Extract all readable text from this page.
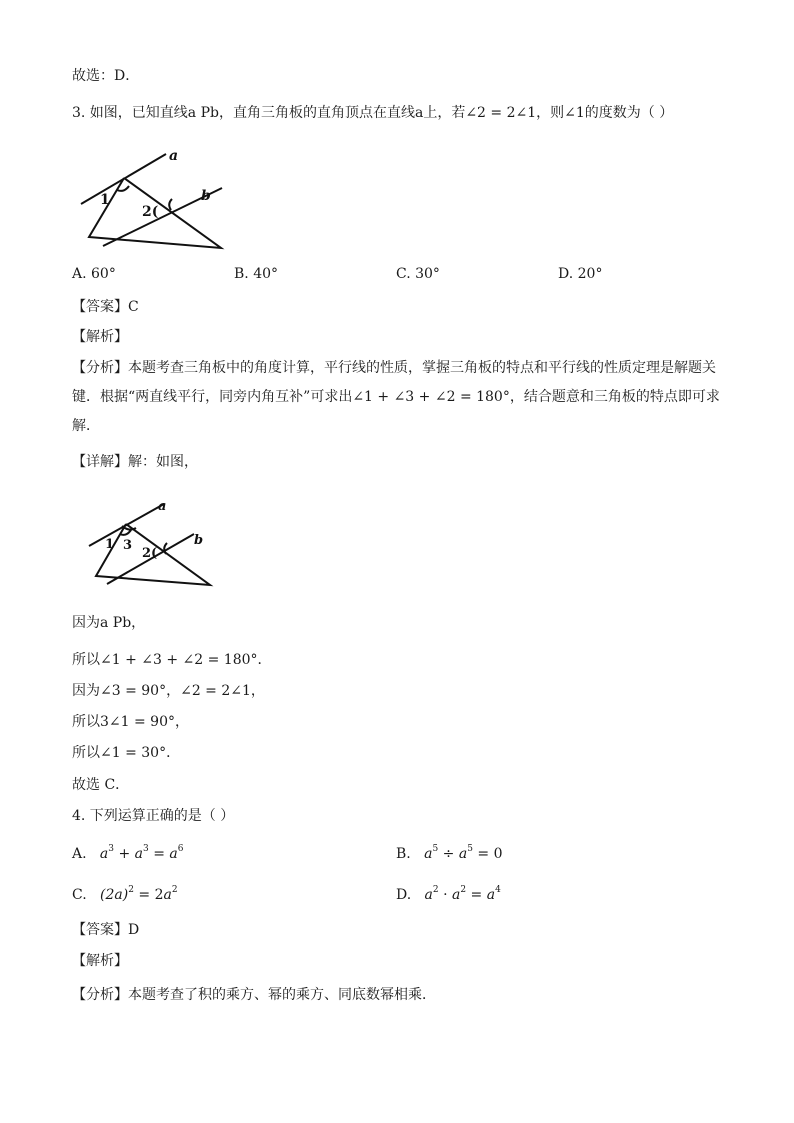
故选：D．
3. 如图，已知直线a Pb，直角三角板的直角顶点在直线a上，若∠2 = 2∠1，则∠1的度数为（ ）
a
b
1
2(
A. 60°	B. 40°	C. 30°	D. 20°
【答案】C
【解析】
【分析】本题考查三角板中的角度计算，平行线的性质，掌握三角板的特点和平行线的性质定理是解题关键．根据“两直线平行，同旁内角互补”可求出∠1 + ∠3 + ∠2 = 180°，结合题意和三角板的特点即可求解．
【详解】解：如图，
a
b
1 3
2(
因为a Pb，
所以∠1 + ∠3 + ∠2 = 180°．
因为∠3 = 90°，∠2 = 2∠1，
所以3∠1 = 90°，
所以∠1 = 30°．
故选 C．
4. 下列运算正确的是（ ）
A. $a^3 + a^3 = a^6$	B. $a^5 \div a^5 = 0$
C. $(2a)^2 = 2a^2$	D. $a^2 \cdot a^2 = a^4$
【答案】D
【解析】
【分析】本题考查了积的乘方、幂的乘方、同底数幂相乘．
